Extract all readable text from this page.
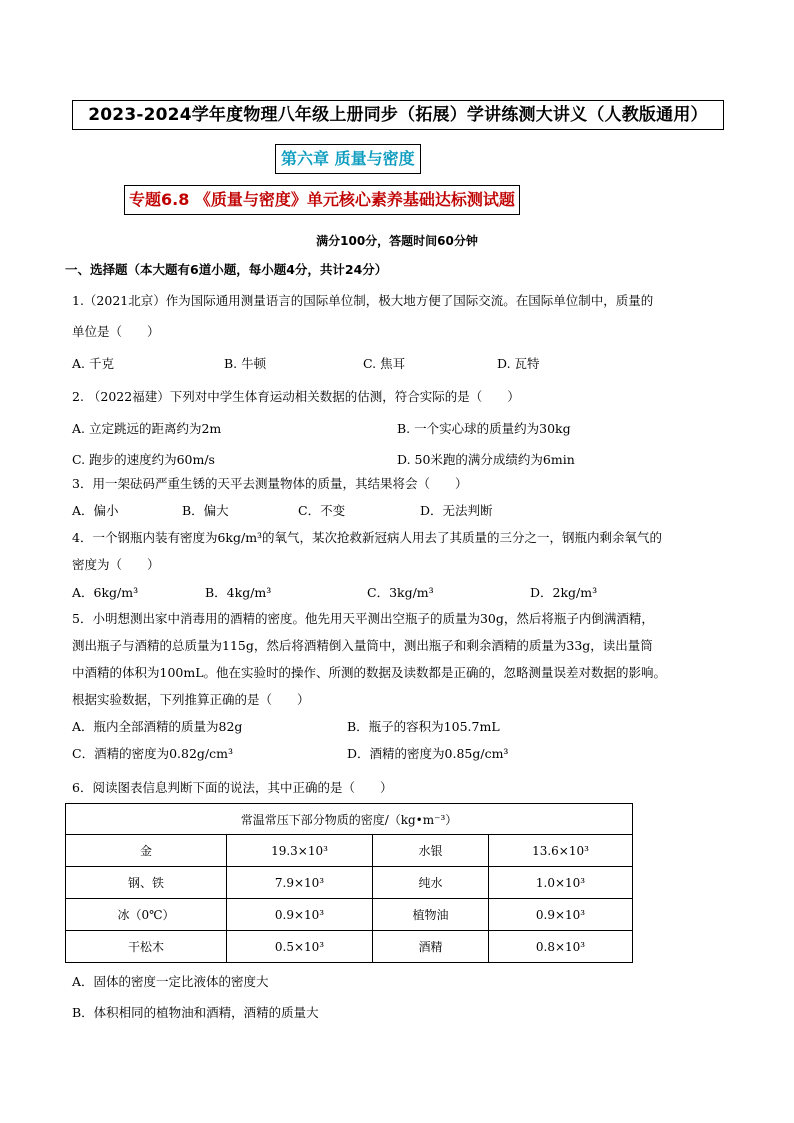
2023-2024学年度物理八年级上册同步（拓展）学讲练测大讲义（人教版通用）
第六章 质量与密度
专题6.8 《质量与密度》单元核心素养基础达标测试题
满分100分，答题时间60分钟
一、选择题（本大题有6道小题，每小题4分，共计24分）
1.（2021北京）作为国际通用测量语言的国际单位制，极大地方便了国际交流。在国际单位制中，质量的
单位是（　　）
A. 千克	B. 牛顿	C. 焦耳	D. 瓦特
2. （2022福建）下列对中学生体育运动相关数据的估测，符合实际的是（　　）
A. 立定跳远的距离约为2m	B. 一个实心球的质量约为30kg
C. 跑步的速度约为60m/s	D. 50米跑的满分成绩约为6min
3．用一架砝码严重生锈的天平去测量物体的质量，其结果将会（　　）
A．偏小	B．偏大	C．不变	D．无法判断
4．一个钢瓶内装有密度为6kg/m³的氧气，某次抢救新冠病人用去了其质量的三分之一，钢瓶内剩余氧气的
密度为（　　）
A．6kg/m³	B．4kg/m³	C．3kg/m³	D．2kg/m³
5．小明想测出家中消毒用的酒精的密度。他先用天平测出空瓶子的质量为30g，然后将瓶子内倒满酒精，
测出瓶子与酒精的总质量为115g，然后将酒精倒入量筒中，测出瓶子和剩余酒精的质量为33g，读出量筒
中酒精的体积为100mL。他在实验时的操作、所测的数据及读数都是正确的，忽略测量误差对数据的影响。
根据实验数据，下列推算正确的是（　　）
A．瓶内全部酒精的质量为82g	B．瓶子的容积为105.7mL
C．酒精的密度为0.82g/cm³	D．酒精的密度为0.85g/cm³
6．阅读图表信息判断下面的说法，其中正确的是（　　）
常温常压下部分物质的密度/（kg•m⁻³）			
金	19.3×10³	水银	13.6×10³
钢、铁	7.9×10³	纯水	1.0×10³
冰（0℃）	0.9×10³	植物油	0.9×10³
干松木	0.5×10³	酒精	0.8×10³
A．固体的密度一定比液体的密度大
B．体积相同的植物油和酒精，酒精的质量大
